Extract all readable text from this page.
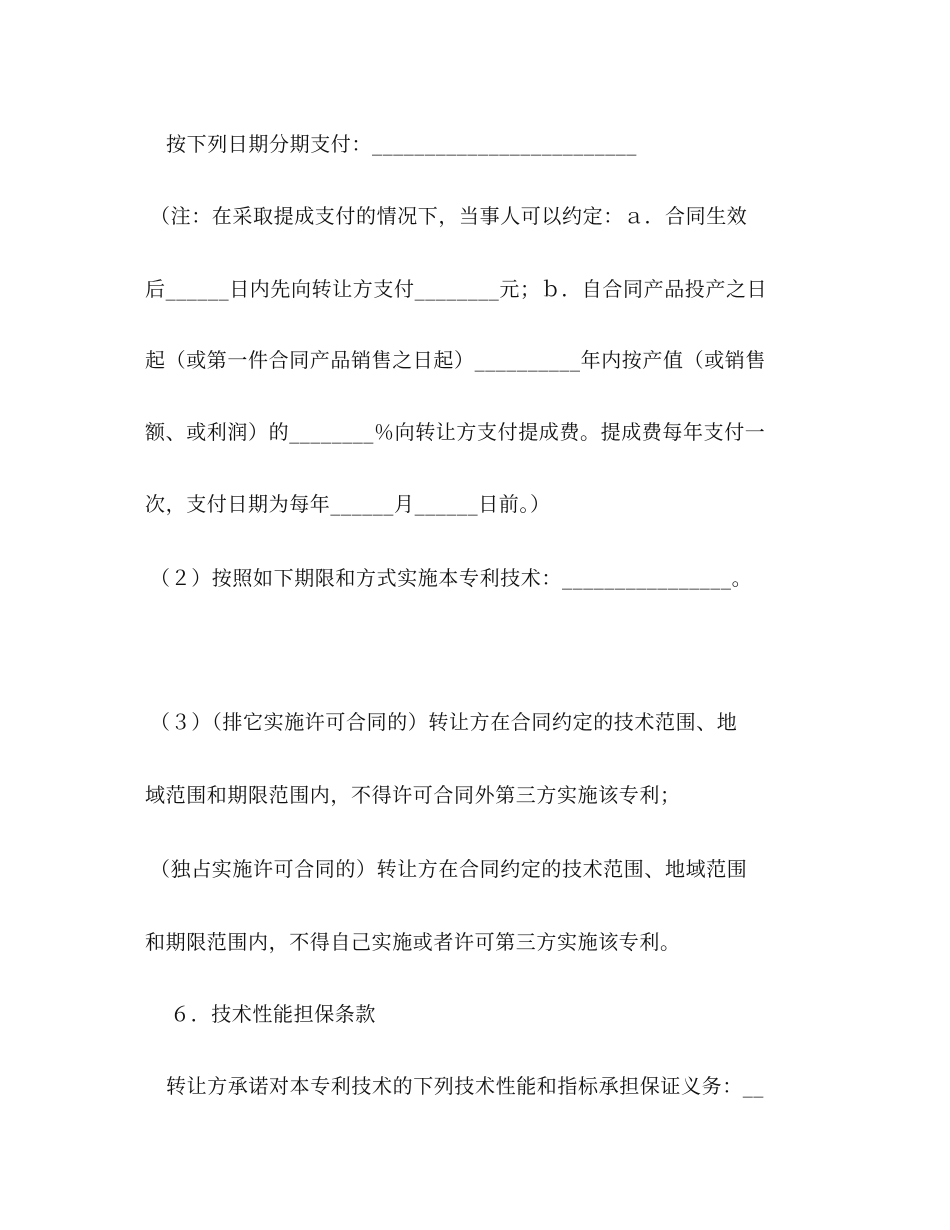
按下列日期分期支付：_________________________
（注：在采取提成支付的情况下，当事人可以约定：ａ．合同生效
后______日内先向转让方支付________元；ｂ．自合同产品投产之日
起（或第一件合同产品销售之日起）__________年内按产值（或销售
额、或利润）的________％向转让方支付提成费。提成费每年支付一
次，支付日期为每年______月______日前。）
（２）按照如下期限和方式实施本专利技术：________________。
（３）（排它实施许可合同的）转让方在合同约定的技术范围、地
域范围和期限范围内，不得许可合同外第三方实施该专利；
（独占实施许可合同的）转让方在合同约定的技术范围、地域范围
和期限范围内，不得自己实施或者许可第三方实施该专利。
６．技术性能担保条款
转让方承诺对本专利技术的下列技术性能和指标承担保证义务：__
